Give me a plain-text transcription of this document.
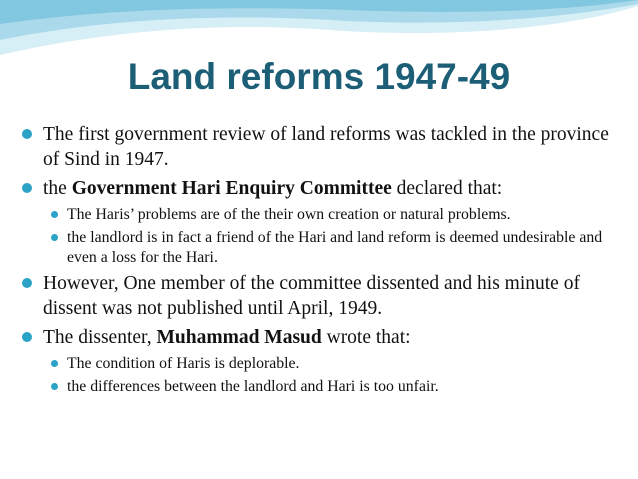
Land reforms 1947-49

The first government review of land reforms was tackled in the province of Sind in 1947.

the Government Hari Enquiry Committee declared that:

The Haris’ problems are of the their own creation or natural problems.

the landlord is in fact a friend of the Hari and land reform is deemed undesirable and even a loss for the Hari.

However, One member of the committee dissented and his minute of dissent was not published until April, 1949.

The dissenter, Muhammad Masud wrote that:

The condition of Haris is deplorable.

the differences between the landlord and Hari is too unfair.
